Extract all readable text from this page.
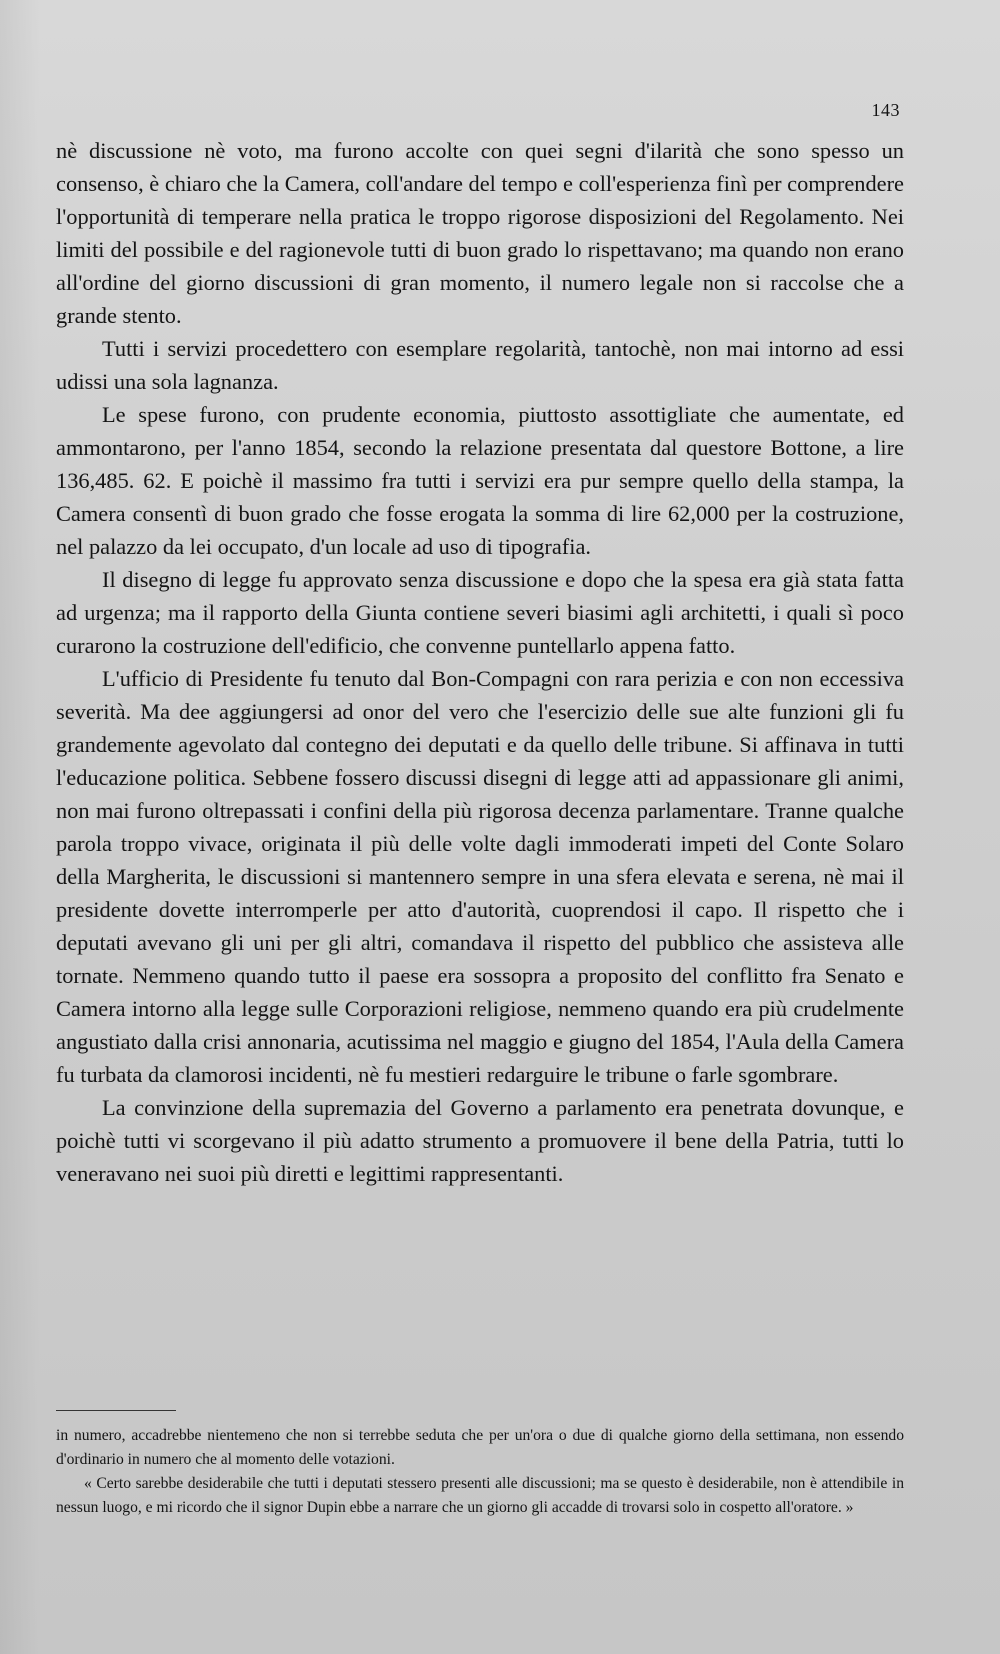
143

nè discussione nè voto, ma furono accolte con quei segni d'ilarità che sono spesso un consenso, è chiaro che la Camera, coll'andare del tempo e coll'esperienza finì per comprendere l'opportunità di temperare nella pratica le troppo rigorose disposizioni del Regolamento. Nei limiti del possibile e del ragionevole tutti di buon grado lo rispettavano; ma quando non erano all'ordine del giorno discussioni di gran momento, il numero legale non si raccolse che a grande stento.

Tutti i servizi procedettero con esemplare regolarità, tantochè, non mai intorno ad essi udissi una sola lagnanza.

Le spese furono, con prudente economia, piuttosto assottigliate che aumentate, ed ammontarono, per l'anno 1854, secondo la relazione presentata dal questore Bottone, a lire 136,485. 62. E poichè il massimo fra tutti i servizi era pur sempre quello della stampa, la Camera consentì di buon grado che fosse erogata la somma di lire 62,000 per la costruzione, nel palazzo da lei occupato, d'un locale ad uso di tipografia.

Il disegno di legge fu approvato senza discussione e dopo che la spesa era già stata fatta ad urgenza; ma il rapporto della Giunta contiene severi biasimi agli architetti, i quali sì poco curarono la costruzione dell'edificio, che convenne puntellarlo appena fatto.

L'ufficio di Presidente fu tenuto dal Bon-Compagni con rara perizia e con non eccessiva severità. Ma dee aggiungersi ad onor del vero che l'esercizio delle sue alte funzioni gli fu grandemente agevolato dal contegno dei deputati e da quello delle tribune. Si affinava in tutti l'educazione politica. Sebbene fossero discussi disegni di legge atti ad appassionare gli animi, non mai furono oltrepassati i confini della più rigorosa decenza parlamentare. Tranne qualche parola troppo vivace, originata il più delle volte dagli immoderati impeti del Conte Solaro della Margherita, le discussioni si mantennero sempre in una sfera elevata e serena, nè mai il presidente dovette interromperle per atto d'autorità, cuoprendosi il capo. Il rispetto che i deputati avevano gli uni per gli altri, comandava il rispetto del pubblico che assisteva alle tornate. Nemmeno quando tutto il paese era sossopra a proposito del conflitto fra Senato e Camera intorno alla legge sulle Corporazioni religiose, nemmeno quando era più crudelmente angustiato dalla crisi annonaria, acutissima nel maggio e giugno del 1854, l'Aula della Camera fu turbata da clamorosi incidenti, nè fu mestieri redarguire le tribune o farle sgombrare.

La convinzione della supremazia del Governo a parlamento era penetrata dovunque, e poichè tutti vi scorgevano il più adatto strumento a promuovere il bene della Patria, tutti lo veneravano nei suoi più diretti e legittimi rappresentanti.

in numero, accadrebbe nientemeno che non si terrebbe seduta che per un'ora o due di qualche giorno della settimana, non essendo d'ordinario in numero che al momento delle votazioni.

« Certo sarebbe desiderabile che tutti i deputati stessero presenti alle discussioni; ma se questo è desiderabile, non è attendibile in nessun luogo, e mi ricordo che il signor Dupin ebbe a narrare che un giorno gli accadde di trovarsi solo in cospetto all'oratore. »
